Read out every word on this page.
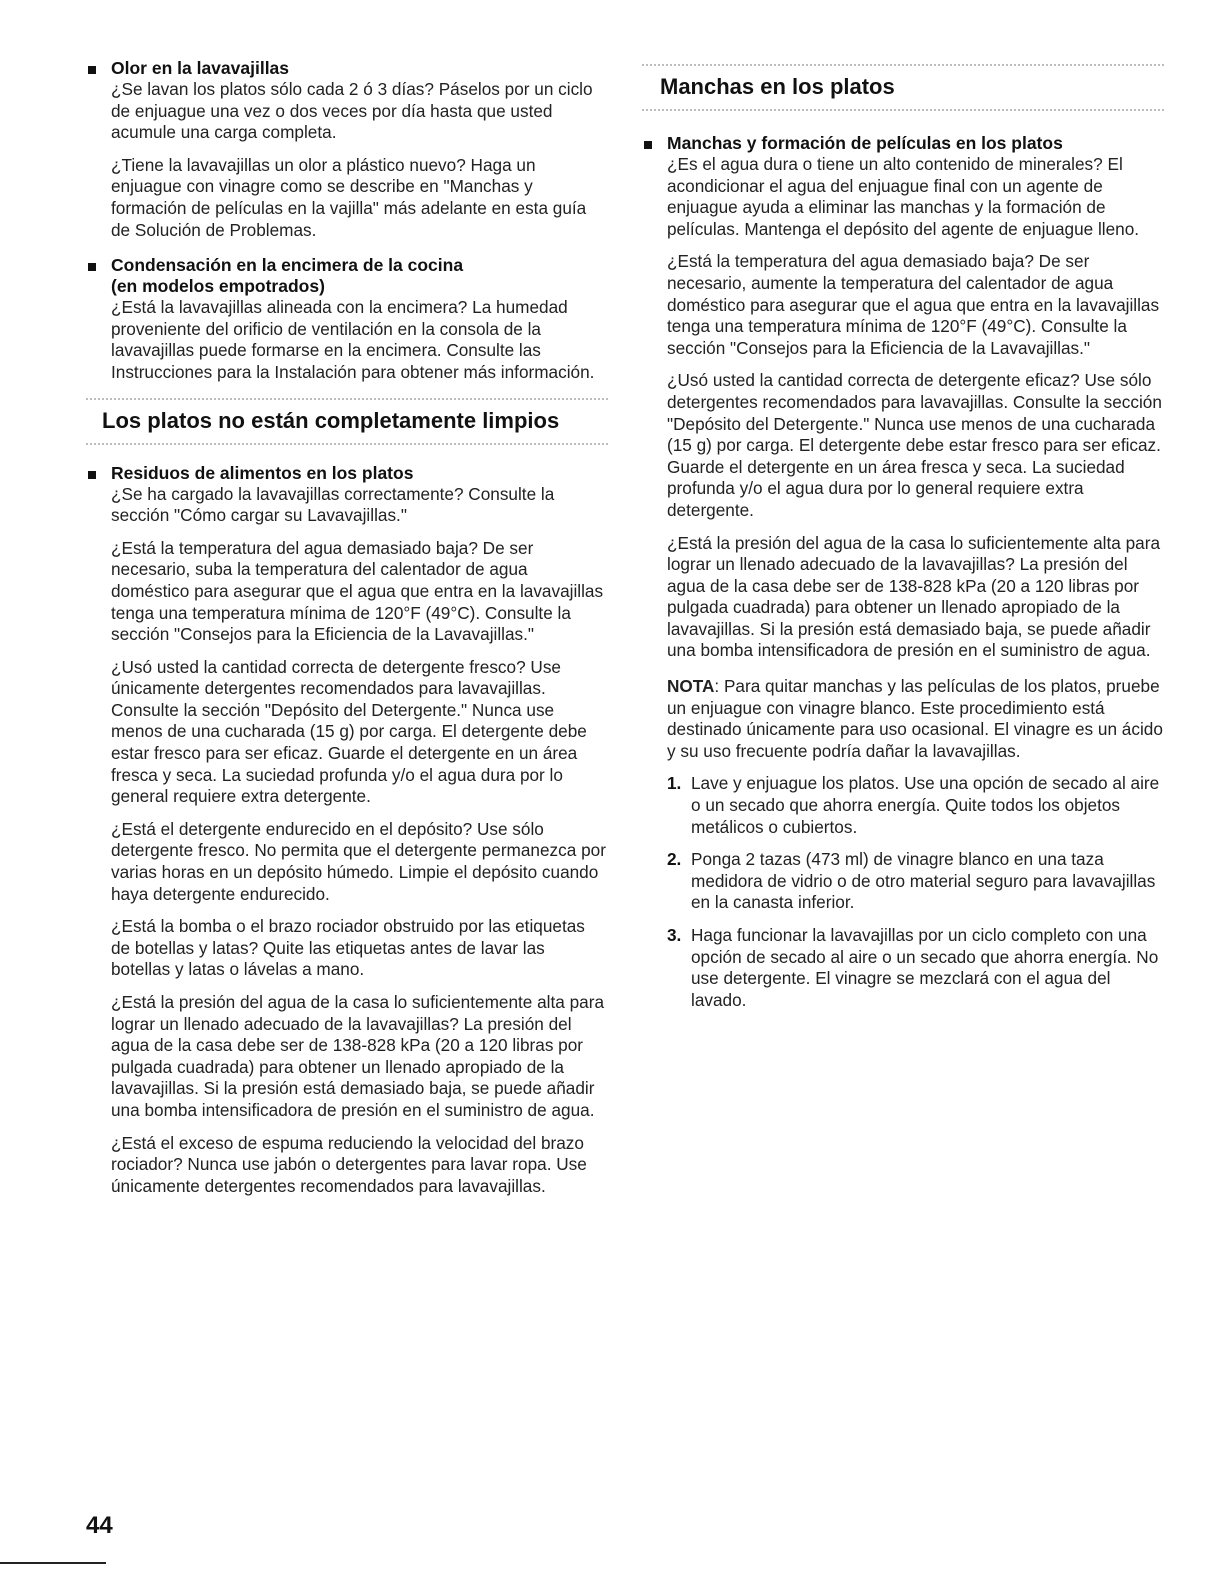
Olor en la lavavajillas

¿Se lavan los platos sólo cada 2 ó 3 días? Páselos por un ciclo de enjuague una vez o dos veces por día hasta que usted acumule una carga completa.

¿Tiene la lavavajillas un olor a plástico nuevo? Haga un enjuague con vinagre como se describe en "Manchas y formación de películas en la vajilla" más adelante en esta guía de Solución de Problemas.

Condensación en la encimera de la cocina
(en modelos empotrados)

¿Está la lavavajillas alineada con la encimera? La humedad proveniente del orificio de ventilación en la consola de la lavavajillas puede formarse en la encimera. Consulte las Instrucciones para la Instalación para obtener más información.

Los platos no están completamente limpios
Residuos de alimentos en los platos

¿Se ha cargado la lavavajillas correctamente? Consulte la sección "Cómo cargar su Lavavajillas."

¿Está la temperatura del agua demasiado baja? De ser necesario, suba la temperatura del calentador de agua doméstico para asegurar que el agua que entra en la lavavajillas tenga una temperatura mínima de 120°F (49°C). Consulte la sección "Consejos para la Eficiencia de la Lavavajillas."

¿Usó usted la cantidad correcta de detergente fresco? Use únicamente detergentes recomendados para lavavajillas. Consulte la sección "Depósito del Detergente." Nunca use menos de una cucharada (15 g) por carga. El detergente debe estar fresco para ser eficaz. Guarde el detergente en un área fresca y seca. La suciedad profunda y/o el agua dura por lo general requiere extra detergente.

¿Está el detergente endurecido en el depósito? Use sólo detergente fresco. No permita que el detergente permanezca por varias horas en un depósito húmedo. Limpie el depósito cuando haya detergente endurecido.

¿Está la bomba o el brazo rociador obstruido por las etiquetas de botellas y latas? Quite las etiquetas antes de lavar las botellas y latas o lávelas a mano.

¿Está la presión del agua de la casa lo suficientemente alta para lograr un llenado adecuado de la lavavajillas? La presión del agua de la casa debe ser de 138-828 kPa (20 a 120 libras por pulgada cuadrada) para obtener un llenado apropiado de la lavavajillas. Si la presión está demasiado baja, se puede añadir una bomba intensificadora de presión en el suministro de agua.

¿Está el exceso de espuma reduciendo la velocidad del brazo rociador? Nunca use jabón o detergentes para lavar ropa. Use únicamente detergentes recomendados para lavavajillas.

Manchas en los platos
Manchas y formación de películas en los platos

¿Es el agua dura o tiene un alto contenido de minerales? El acondicionar el agua del enjuague final con un agente de enjuague ayuda a eliminar las manchas y la formación de películas. Mantenga el depósito del agente de enjuague lleno.

¿Está la temperatura del agua demasiado baja? De ser necesario, aumente la temperatura del calentador de agua doméstico para asegurar que el agua que entra en la lavavajillas tenga una temperatura mínima de 120°F (49°C). Consulte la sección "Consejos para la Eficiencia de la Lavavajillas."

¿Usó usted la cantidad correcta de detergente eficaz? Use sólo detergentes recomendados para lavavajillas. Consulte la sección "Depósito del Detergente." Nunca use menos de una cucharada (15 g) por carga. El detergente debe estar fresco para ser eficaz. Guarde el detergente en un área fresca y seca. La suciedad profunda y/o el agua dura por lo general requiere extra detergente.

¿Está la presión del agua de la casa lo suficientemente alta para lograr un llenado adecuado de la lavavajillas? La presión del agua de la casa debe ser de 138-828 kPa (20 a 120 libras por pulgada cuadrada) para obtener un llenado apropiado de la lavavajillas. Si la presión está demasiado baja, se puede añadir una bomba intensificadora de presión en el suministro de agua.

NOTA: Para quitar manchas y las películas de los platos, pruebe un enjuague con vinagre blanco. Este procedimiento está destinado únicamente para uso ocasional. El vinagre es un ácido y su uso frecuente podría dañar la lavavajillas.

1. Lave y enjuague los platos. Use una opción de secado al aire o un secado que ahorra energía. Quite todos los objetos metálicos o cubiertos.
2. Ponga 2 tazas (473 ml) de vinagre blanco en una taza medidora de vidrio o de otro material seguro para lavavajillas en la canasta inferior.
3. Haga funcionar la lavavajillas por un ciclo completo con una opción de secado al aire o un secado que ahorra energía. No use detergente. El vinagre se mezclará con el agua del lavado.
44
